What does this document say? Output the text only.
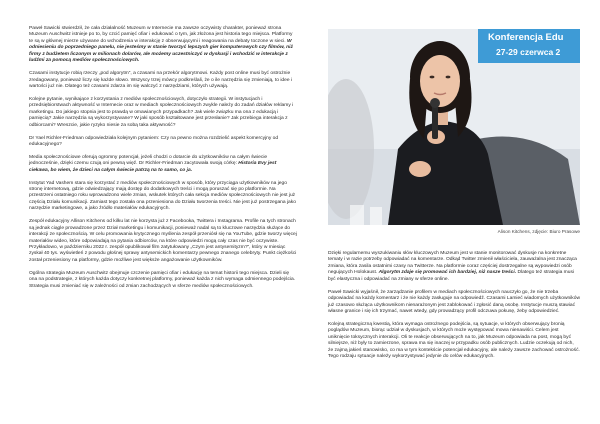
Paweł Sawicki stwierdził, że cała działalność Muzeum w Internecie ma zawsze oczywisty charakter, ponieważ strona Muzeum Auschwitz istnieje po to, by czcić pamięć ofiar i edukować o tym, jak złożona jest historia tego miejsca. Platformy te są w głównej mierze używane do wchodzenia w interakcję z obserwującymi i reagowania na debaty toczone w sieci. W odniesieniu do poprzedniego panelu, nie jesteśmy w stanie tworzyć lepszych gier komputerowych czy filmów, niż firmy z budżetem liczonym w milionach dolarów, ale możemy uczestniczyć w dyskusji i wchodzić w interakcje z ludźmi za pomocą mediów społecznościowych.

Czasami instytucje robią rzeczy „pod algorytm”, a czasami na przekór algorytmowi. Każdy post online musi być ostrożnie zredagowany, ponieważ liczy się każde słowo. Wszyscy trzej mówcy podkreślali, że o ile narzędzia się zmieniają, to idee i wartości już nie. Dlatego też czasami zdarza im się walczyć z narzędziami, których używają.

Kolejne pytanie, wynikające z korzystania z mediów społecznościowych, dotyczyło strategii. W instytucjach i przedsiębiorstwach aktywność w Internecie oraz w mediach społecznościowych zwykle należy do zadań działów reklamy i marketingu. Do jakiego stopnia jest to prawdą w omawianych przypadkach? Jak wiele związku ma ona z edukacją i pamięcią? Jakie narzędzia są wykorzystywane? W jaki sposób kształtowane jest przesłanie? Jak przebiega interakcja z odbiorcami? Wreszcie, jakie ryzyko niesie za sobą taka aktywność?

Dr Yael Richler-Friedman odpowiedziała kolejnym pytaniem: Czy na pewno można rozdzielić aspekt komercyjny od edukacyjnego?

Media społecznościowe oferują ogromny potencjał, jeżeli chodzi o dotarcie do użytkowników na całym świecie jednocześnie, dzięki czemu czują oni pewną więź. Dr Richler-Friedman zacytowała swoją córkę: Historia Evy jest ciekawa, bo wiem, że dzieci na całym świecie patrzą na to samo, co ja.

Instytut Yad Vashem stara się korzystać z mediów społecznościowych w sposób, który przyciąga użytkowników na jego stronę internetową, gdzie odwiedzający mają dostęp do dodatkowych treści i mogą poruszać się po platformie. Na przestrzeni ostatniego roku wprowadzono wiele zmian, wskutek których cała sekcja mediów społecznościowych nie jest już częścią Działu komunikacji. Zamiast tego została ona przeniesiona do Działu tworzenia treści. Nie jest już postrzegana jako narzędzie marketingowe, a jako źródło materiałów edukacyjnych.

Zespół edukacyjny Allison Kitchens od kilku lat nie korzysta już z Facebooka, Twittera i Instagrama. Profile na tych stronach są jednak ciągle prowadzone przez Dział marketingu i komunikacji, ponieważ nadal są to kluczowe narzędzia służące do interakcji ze społecznością. W celu promowania krytycznego myślenia zespół przeniósł się na YouTube, gdzie tworzy więcej materiałów wideo, które odpowiadają na pytania odbiorców, na które odpowiedzi mogą cały czas nie być oczywiste. Przykładowo, w październiku 2022 r. zespół opublikował film zatytułowany „Czym jest antysemityzm?”, który w miesiąc zyskał 40 tys. wyświetleń z powodu głośnej sprawy antysemickich komentarzy pewnego znanego celebryty. Punkt ciężkości został przeniesiony na platformy, gdzie możliwe jest więksże angażowanie użytkowników.

Ogólna strategia Muzeum Auschwitz obejmuje czczenie pamięci ofiar i edukację na temat historii tego miejsca. Dzieli się ona na podstrategie, z których każda dotyczy konkretnej platformy, ponieważ każda z nich wymaga odmiennego podejścia. Strategia musi zmieniać się w zależności od zmian zachodzących w sferze mediów społecznościowych.

Konferencja Edu
27-29 czerwca 2
Alison Kitchens, zdjęcie: Biuro Prasowe

Dzięki regularnemu wyszukiwaniu słów kluczowych Muzeum jest w stanie monitorować dyskusje na konkretne tematy i w razie potrzeby odpowiadać na komentarze. Odkąd Twitter zmienił właściciela, zauważalna jest znacząca zmiana, która zasila ostatnimi czasy na Twitterze. Na platformie coraz częściej dostrzegalne są wypowiedzi osób negujących Holokaust. Algorytm zdaje się promować ich bardziej, niż nasze treści. Dlatego też strategia musi być elastyczna i odpowiadać na zmiany w sferze online.

Paweł Sawicki wyjaśnił, że zarządzanie profilem w mediach społecznościowych nauczyło go, że nie trzeba odpowiadać na każdy komentarz i że nie każdy zasługuje na odpowiedź. Czasami Lamieć wiadomych użytkowników już czasowo służąca użytkownikom nienarażonym jest zablokować i zgłosić daną osobę. Instytucje muszą stawiać własne granice i się ich trzymać, nawet wtedy, gdy prowadzący profil odczuwa pokusę, żeby odpowiedzieć.

Kolejną strategiczną kwestią, która wymaga ostrożnego podejścia, są sytuacje, w których obserwujący bronią poglądów Muzeum, biorąc udział w dyskusjach, w których może występować mowa nienawiści. Celem jest uniknięcie toksycznych interakcji. Oli te reakcje obserwujących na to, jak Muzeum odpowiada na post, mogą być silniejsze, niż były to zamierzone, sprawa ma się inaczej w przypadku osób publicznych. Ludzie oczekują od nich, że zajmą jakieś stanowisko, co ma w tym kontekście potencjał edukacyjny, ale należy zawsze zachować ostrożność. Tego rodzaju sytuacje należy wykorzystywać jedynie do celów edukacyjnych.
